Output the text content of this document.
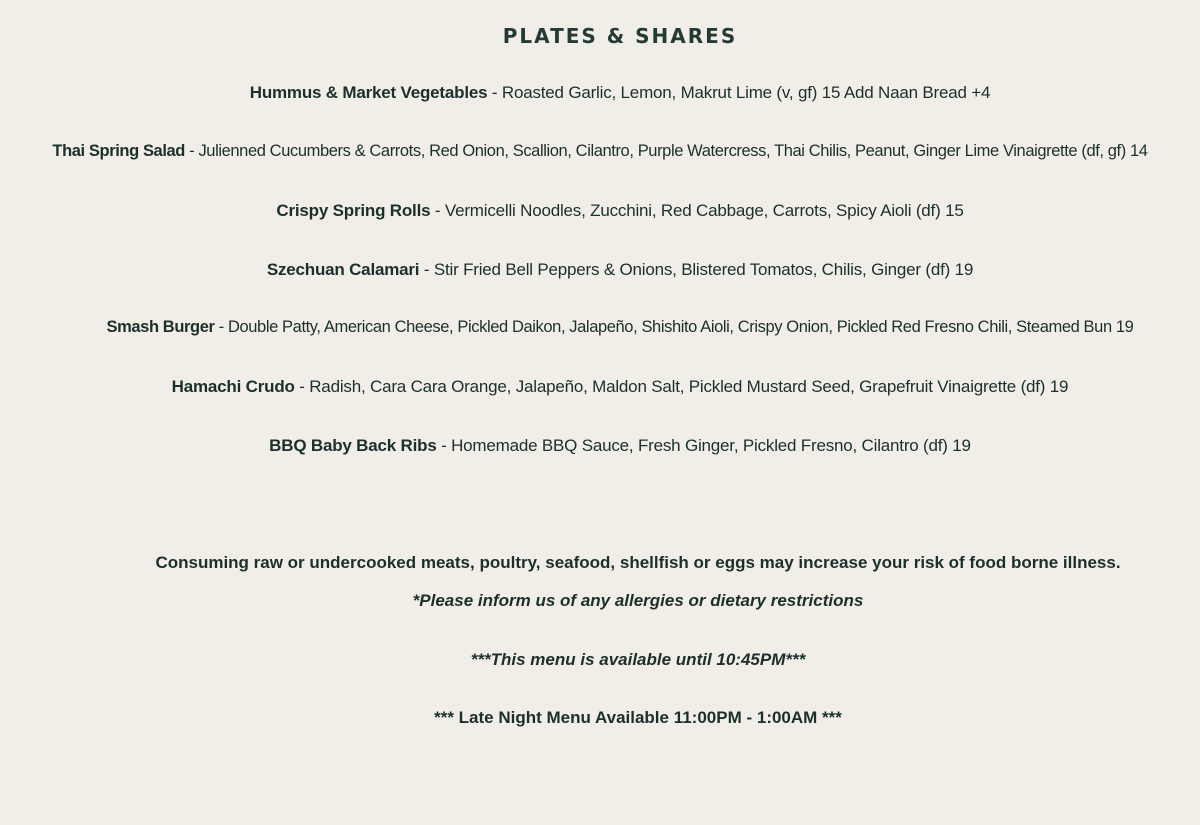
PLATES & SHARES
Hummus & Market Vegetables - Roasted Garlic, Lemon, Makrut Lime (v, gf) 15 Add Naan Bread +4
Thai Spring Salad - Julienned Cucumbers & Carrots, Red Onion, Scallion, Cilantro, Purple Watercress, Thai Chilis, Peanut, Ginger Lime Vinaigrette (df, gf) 14
Crispy Spring Rolls - Vermicelli Noodles, Zucchini, Red Cabbage, Carrots, Spicy Aioli (df) 15
Szechuan Calamari - Stir Fried Bell Peppers & Onions, Blistered Tomatos, Chilis, Ginger (df) 19
Smash Burger - Double Patty, American Cheese, Pickled Daikon, Jalapeño, Shishito Aioli, Crispy Onion, Pickled Red Fresno Chili, Steamed Bun 19
Hamachi Crudo - Radish, Cara Cara Orange, Jalapeño, Maldon Salt, Pickled Mustard Seed, Grapefruit Vinaigrette (df) 19
BBQ Baby Back Ribs - Homemade BBQ Sauce, Fresh Ginger, Pickled Fresno, Cilantro (df) 19
Consuming raw or undercooked meats, poultry, seafood, shellfish or eggs may increase your risk of food borne illness.
*Please inform us of any allergies or dietary restrictions
***This menu is available until 10:45PM***
*** Late Night Menu Available 11:00PM - 1:00AM ***
